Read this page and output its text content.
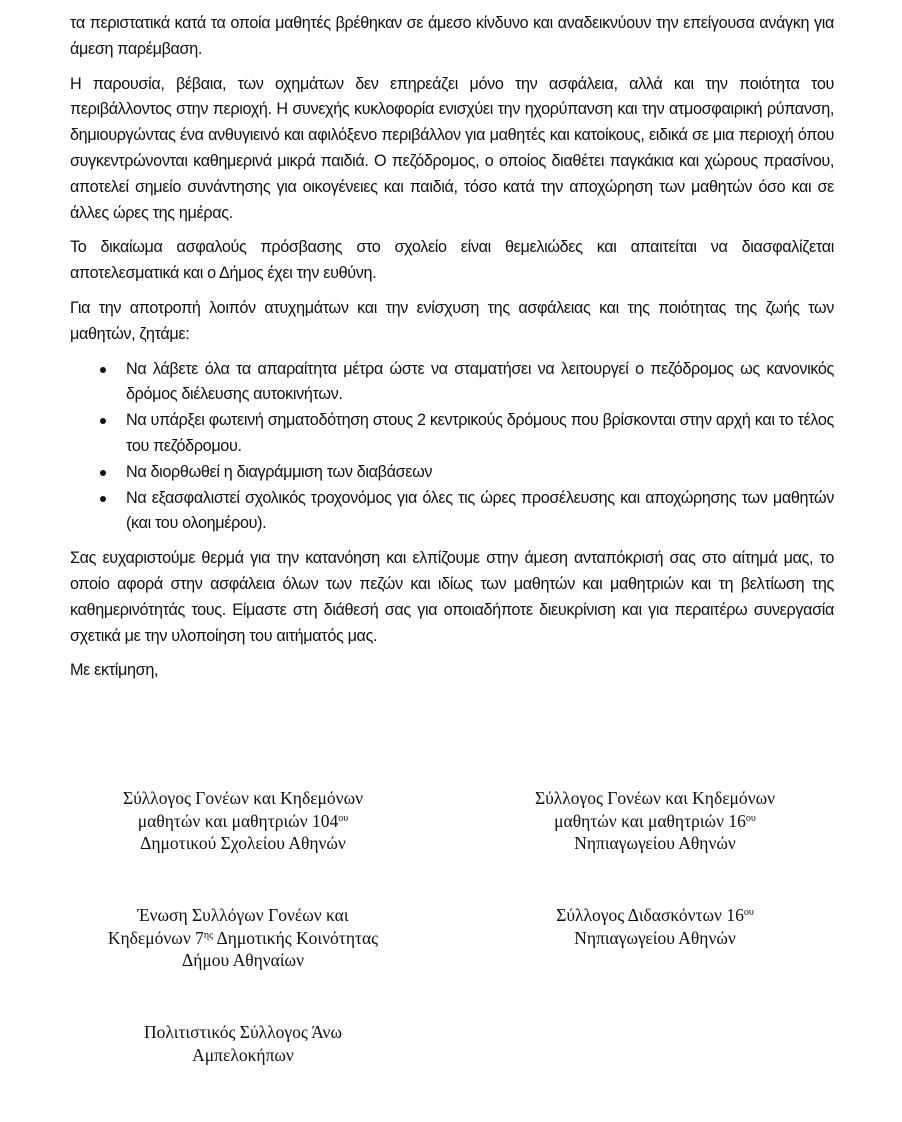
τα περιστατικά κατά τα οποία μαθητές βρέθηκαν σε άμεσο κίνδυνο και αναδεικνύουν την επείγουσα ανάγκη για άμεση παρέμβαση.

Η παρουσία, βέβαια, των οχημάτων δεν επηρεάζει μόνο την ασφάλεια, αλλά και την ποιότητα του περιβάλλοντος στην περιοχή. Η συνεχής κυκλοφορία ενισχύει την ηχορύπανση και την ατμοσφαιρική ρύπανση, δημιουργώντας ένα ανθυγιεινό και αφιλόξενο περιβάλλον για μαθητές και κατοίκους, ειδικά σε μια περιοχή όπου συγκεντρώνονται καθημερινά μικρά παιδιά. Ο πεζόδρομος, ο οποίος διαθέτει παγκάκια και χώρους πρασίνου, αποτελεί σημείο συνάντησης για οικογένειες και παιδιά, τόσο κατά την αποχώρηση των μαθητών όσο και σε άλλες ώρες της ημέρας.

Το δικαίωμα ασφαλούς πρόσβασης στο σχολείο είναι θεμελιώδες και απαιτείται να διασφαλίζεται αποτελεσματικά και ο Δήμος έχει την ευθύνη.

Για την αποτροπή λοιπόν ατυχημάτων και την ενίσχυση της ασφάλειας και της ποιότητας της ζωής των μαθητών, ζητάμε:

Να λάβετε όλα τα απαραίτητα μέτρα ώστε να σταματήσει να λειτουργεί ο πεζόδρομος ως κανονικός δρόμος διέλευσης αυτοκινήτων.
Να υπάρξει φωτεινή σηματοδότηση στους 2 κεντρικούς δρόμους που βρίσκονται στην αρχή και το τέλος του πεζόδρομου.
Να διορθωθεί η διαγράμμιση των διαβάσεων
Να εξασφαλιστεί σχολικός τροχονόμος για όλες τις ώρες προσέλευσης και αποχώρησης των μαθητών (και του ολοημέρου).

Σας ευχαριστούμε θερμά για την κατανόηση και ελπίζουμε στην άμεση ανταπόκρισή σας στο αίτημά μας, το οποίο αφορά στην ασφάλεια όλων των πεζών και ιδίως των μαθητών και μαθητριών και τη βελτίωση της καθημερινότητάς τους. Είμαστε στη διάθεσή σας για οποιαδήποτε διευκρίνιση και για περαιτέρω συνεργασία σχετικά με την υλοποίηση του αιτήματός μας.

Με εκτίμηση,

Σύλλογος Γονέων και Κηδεμόνων
μαθητών και μαθητριών $104^{o\upsilon}$
Δημοτικού Σχολείου Αθηνών
Σύλλογος Γονέων και Κηδεμόνων
μαθητών και μαθητριών $16^{o\upsilon}$
Νηπιαγωγείου Αθηνών
Ένωση Συλλόγων Γονέων και
Κηδεμόνων $7^{\eta\varsigma}$ Δημοτικής Κοινότητας
Δήμου Αθηναίων
Σύλλογος Διδασκόντων $16^{o\upsilon}$
Νηπιαγωγείου Αθηνών
Πολιτιστικός Σύλλογος Άνω
Αμπελοκήπων
